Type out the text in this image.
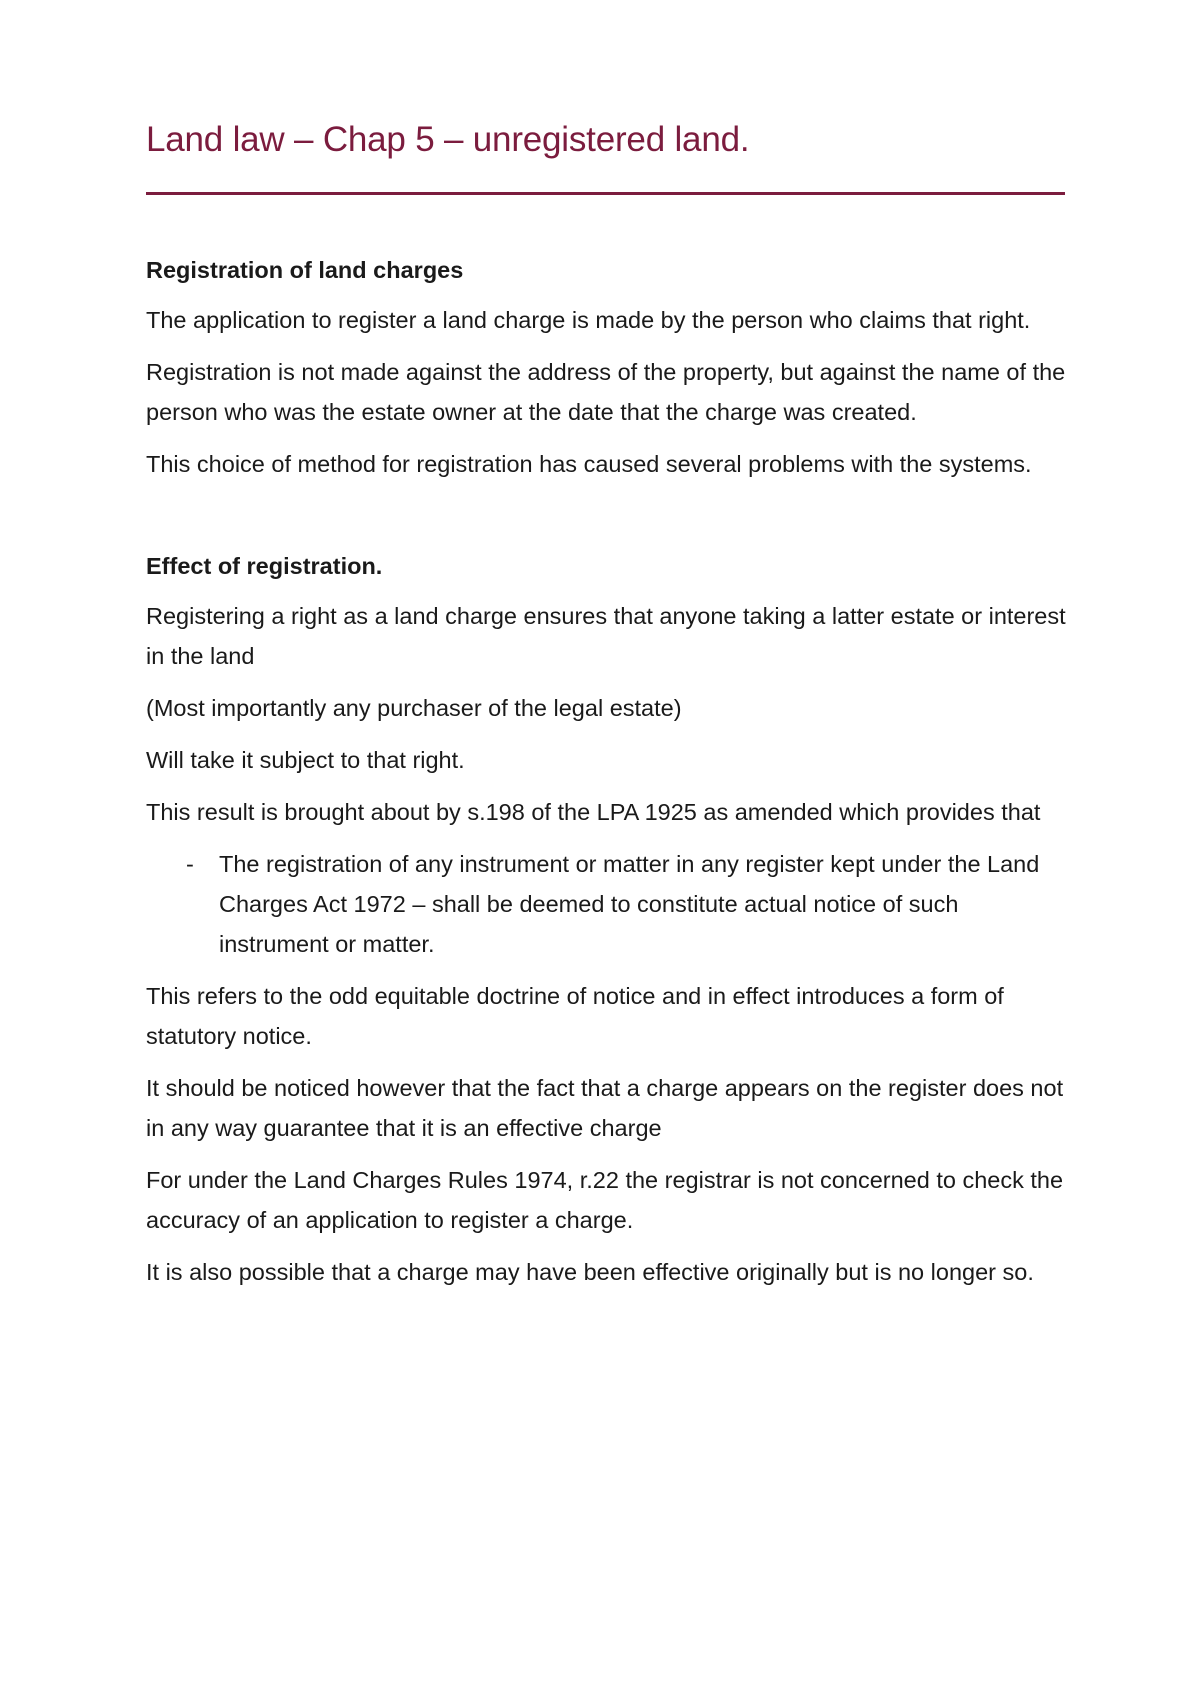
Land law – Chap 5 – unregistered land.

Registration of land charges

The application to register a land charge is made by the person who claims that right.

Registration is not made against the address of the property, but against the name of the person who was the estate owner at the date that the charge was created.

This choice of method for registration has caused several problems with the systems.

Effect of registration.

Registering a right as a land charge ensures that anyone taking a latter estate or interest in the land

(Most importantly any purchaser of the legal estate)

Will take it subject to that right.

This result is brought about by s.198 of the LPA 1925 as amended which provides that

- The registration of any instrument or matter in any register kept under the Land Charges Act 1972 – shall be deemed to constitute actual notice of such instrument or matter.

This refers to the odd equitable doctrine of notice and in effect introduces a form of statutory notice.

It should be noticed however that the fact that a charge appears on the register does not in any way guarantee that it is an effective charge

For under the Land Charges Rules 1974, r.22 the registrar is not concerned to check the accuracy of an application to register a charge.

It is also possible that a charge may have been effective originally but is no longer so.
